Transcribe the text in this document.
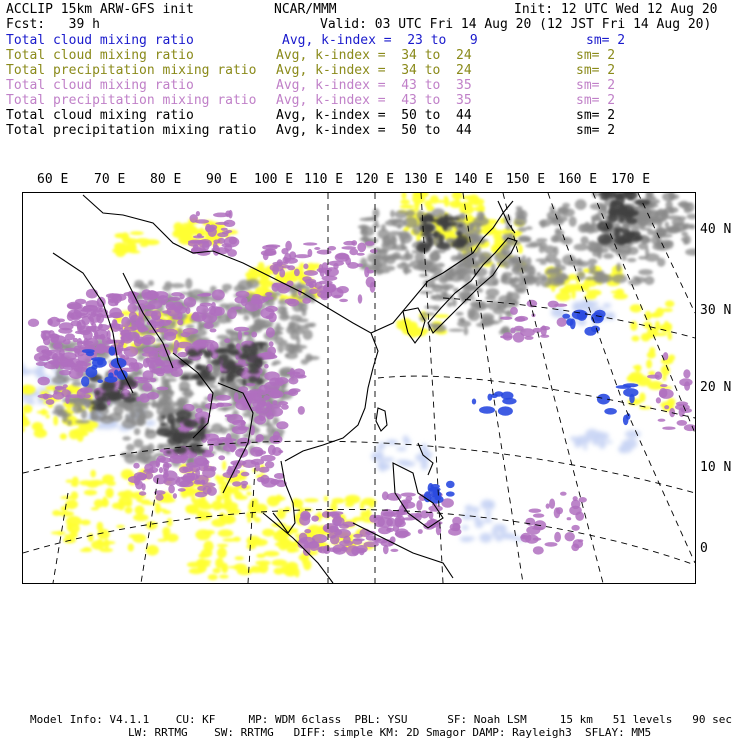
ACCLIP 15km ARW-GFS init	NCAR/MMM	Init: 12 UTC Wed 12 Aug 20
Fcst:   39 h	Valid: 03 UTC Fri 14 Aug 20 (12 JST Fri 14 Aug 20)
Total cloud mixing ratio	Avg, k-index =  23 to   9	sm= 2
Total cloud mixing ratio	Avg, k-index =  34 to  24	sm= 2
Total precipitation mixing ratio Avg, k-index =  34 to  24	sm= 2
Total cloud mixing ratio	Avg, k-index =  43 to  35	sm= 2
Total precipitation mixing ratio Avg, k-index =  43 to  35	sm= 2
Total cloud mixing ratio	Avg, k-index =  50 to  44	sm= 2
Total precipitation mixing ratio Avg, k-index =  50 to  44	sm= 2
60 E 70 E 80 E 90 E 100 E 110 E 120 E 130 E 140 E 150 E 160 E 170 E
40 N
30 N
20 N
10 N
0
Model Info: V4.1.1    CU: KF     MP: WDM 6class  PBL: YSU      SF: Noah LSM     15 km   51 levels   90 sec
LW: RRTMG    SW: RRTMG   DIFF: simple KM: 2D Smagor DAMP: Rayleigh3  SFLAY: MM5
